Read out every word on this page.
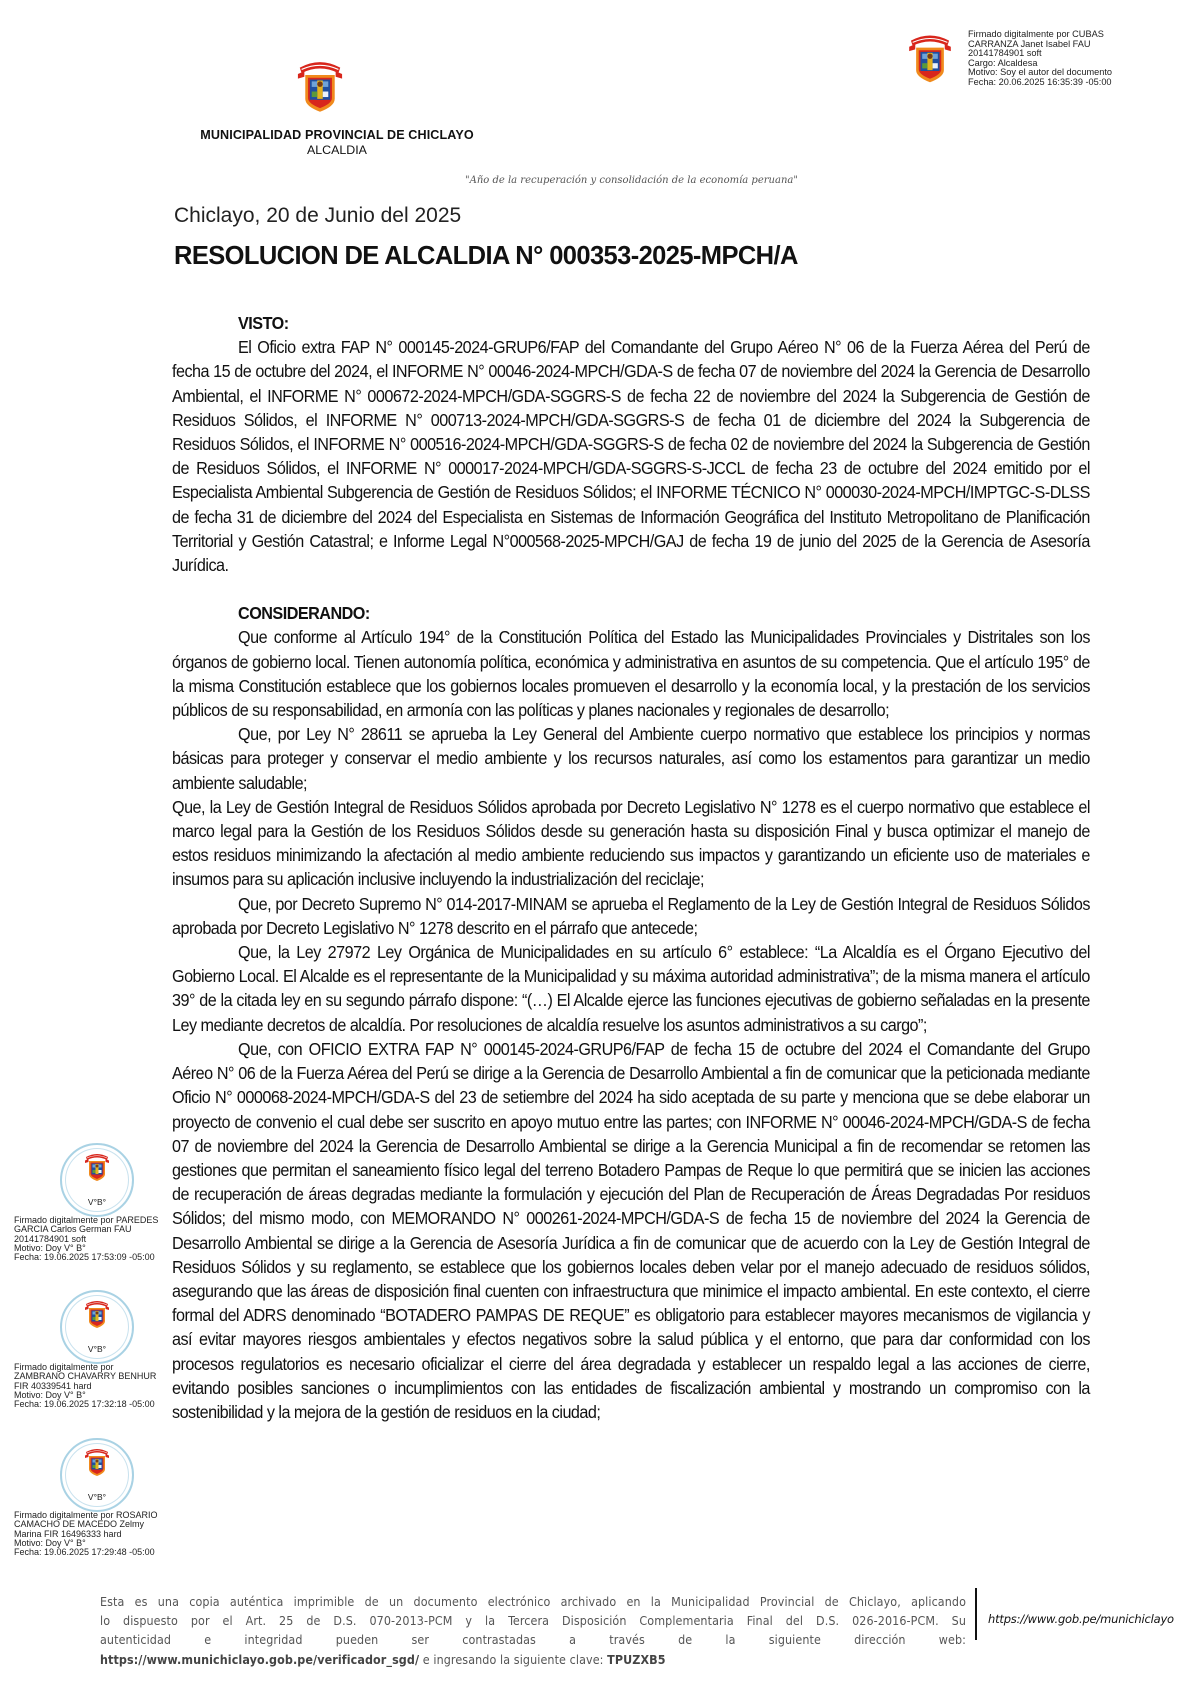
Firmado digitalmente por CUBAS
CARRANZA Janet Isabel FAU
20141784901 soft
Cargo: Alcaldesa
Motivo: Soy el autor del documento
Fecha: 20.06.2025 16:35:39 -05:00
MUNICIPALIDAD PROVINCIAL DE CHICLAYO
ALCALDIA
"Año de la recuperación y consolidación de la economía peruana"
Chiclayo, 20 de Junio del 2025
RESOLUCION DE ALCALDIA N° 000353-2025-MPCH/A

VISTO:

El Oficio extra FAP N° 000145-2024-GRUP6/FAP del Comandante del Grupo Aéreo N° 06 de la Fuerza Aérea del Perú de fecha 15 de octubre del 2024, el INFORME N° 00046-2024-MPCH/GDA-S de fecha 07 de noviembre del 2024 la Gerencia de Desarrollo Ambiental, el INFORME N° 000672-2024-MPCH/GDA-SGGRS-S de fecha 22 de noviembre del 2024 la Subgerencia de Gestión de Residuos Sólidos, el INFORME N° 000713-2024-MPCH/GDA-SGGRS-S de fecha 01 de diciembre del 2024 la Subgerencia de Residuos Sólidos, el INFORME N° 000516-2024-MPCH/GDA-SGGRS-S de fecha 02 de noviembre del 2024 la Subgerencia de Gestión de Residuos Sólidos, el INFORME N° 000017-2024-MPCH/GDA-SGGRS-S-JCCL de fecha 23 de octubre del 2024 emitido por el Especialista Ambiental Subgerencia de Gestión de Residuos Sólidos; el INFORME TÉCNICO N° 000030-2024-MPCH/IMPTGC-S-DLSS de fecha 31 de diciembre del 2024 del Especialista en Sistemas de Información Geográfica del Instituto Metropolitano de Planificación Territorial y Gestión Catastral; e Informe Legal N°000568-2025-MPCH/GAJ de fecha 19 de junio del 2025 de la Gerencia de Asesoría Jurídica.

CONSIDERANDO:

Que conforme al Artículo 194° de la Constitución Política del Estado las Municipalidades Provinciales y Distritales son los órganos de gobierno local. Tienen autonomía política, económica y administrativa en asuntos de su competencia. Que el artículo 195° de la misma Constitución establece que los gobiernos locales promueven el desarrollo y la economía local, y la prestación de los servicios públicos de su responsabilidad, en armonía con las políticas y planes nacionales y regionales de desarrollo;

Que, por Ley N° 28611 se aprueba la Ley General del Ambiente cuerpo normativo que establece los principios y normas básicas para proteger y conservar el medio ambiente y los recursos naturales, así como los estamentos para garantizar un medio ambiente saludable;

Que, la Ley de Gestión Integral de Residuos Sólidos aprobada por Decreto Legislativo N° 1278 es el cuerpo normativo que establece el marco legal para la Gestión de los Residuos Sólidos desde su generación hasta su disposición Final y busca optimizar el manejo de estos residuos minimizando la afectación al medio ambiente reduciendo sus impactos y garantizando un eficiente uso de materiales e insumos para su aplicación inclusive incluyendo la industrialización del reciclaje;

Que, por Decreto Supremo N° 014-2017-MINAM se aprueba el Reglamento de la Ley de Gestión Integral de Residuos Sólidos aprobada por Decreto Legislativo N° 1278 descrito en el párrafo que antecede;

Que, la Ley 27972 Ley Orgánica de Municipalidades en su artículo 6° establece: “La Alcaldía es el Órgano Ejecutivo del Gobierno Local. El Alcalde es el representante de la Municipalidad y su máxima autoridad administrativa”; de la misma manera el artículo 39° de la citada ley en su segundo párrafo dispone: “(…) El Alcalde ejerce las funciones ejecutivas de gobierno señaladas en la presente Ley mediante decretos de alcaldía. Por resoluciones de alcaldía resuelve los asuntos administrativos a su cargo”;

Que, con OFICIO EXTRA FAP N° 000145-2024-GRUP6/FAP de fecha 15 de octubre del 2024 el Comandante del Grupo Aéreo N° 06 de la Fuerza Aérea del Perú se dirige a la Gerencia de Desarrollo Ambiental a fin de comunicar que la peticionada mediante Oficio N° 000068-2024-MPCH/GDA-S del 23 de setiembre del 2024 ha sido aceptada de su parte y menciona que se debe elaborar un proyecto de convenio el cual debe ser suscrito en apoyo mutuo entre las partes; con INFORME N° 00046-2024-MPCH/GDA-S de fecha 07 de noviembre del 2024 la Gerencia de Desarrollo Ambiental se dirige a la Gerencia Municipal a fin de recomendar se retomen las gestiones que permitan el saneamiento físico legal del terreno Botadero Pampas de Reque lo que permitirá que se inicien las acciones de recuperación de áreas degradas mediante la formulación y ejecución del Plan de Recuperación de Áreas Degradadas Por residuos Sólidos; del mismo modo, con MEMORANDO N° 000261-2024-MPCH/GDA-S de fecha 15 de noviembre del 2024 la Gerencia de Desarrollo Ambiental se dirige a la Gerencia de Asesoría Jurídica a fin de comunicar que de acuerdo con la Ley de Gestión Integral de Residuos Sólidos y su reglamento, se establece que los gobiernos locales deben velar por el manejo adecuado de residuos sólidos, asegurando que las áreas de disposición final cuenten con infraestructura que minimice el impacto ambiental. En este contexto, el cierre formal del ADRS denominado “BOTADERO PAMPAS DE REQUE” es obligatorio para establecer mayores mecanismos de vigilancia y así evitar mayores riesgos ambientales y efectos negativos sobre la salud pública y el entorno, que para dar conformidad con los procesos regulatorios es necesario oficializar el cierre del área degradada y establecer un respaldo legal a las acciones de cierre, evitando posibles sanciones o incumplimientos con las entidades de fiscalización ambiental y mostrando un compromiso con la sostenibilidad y la mejora de la gestión de residuos en la ciudad;

V°B°
Firmado digitalmente por PAREDES
GARCIA Carlos German FAU
20141784901 soft
Motivo: Doy V° B°
Fecha: 19.06.2025 17:53:09 -05:00
V°B°
Firmado digitalmente por
ZAMBRANO CHAVARRY BENHUR
FIR 40339541 hard
Motivo: Doy V° B°
Fecha: 19.06.2025 17:32:18 -05:00
V°B°
Firmado digitalmente por ROSARIO
CAMACHO DE MACEDO Zelmy
Marina FIR 16496333 hard
Motivo: Doy V° B°
Fecha: 19.06.2025 17:29:48 -05:00
Esta es una copia auténtica imprimible de un documento electrónico archivado en la Municipalidad Provincial de Chiclayo, aplicando
lo dispuesto por el Art. 25 de D.S. 070-2013-PCM y la Tercera Disposición Complementaria Final del D.S. 026-2016-PCM. Su
autenticidad e integridad pueden ser contrastadas a través de la siguiente dirección web:
https://www.munichiclayo.gob.pe/verificador_sgd/ e ingresando la siguiente clave: TPUZXB5
https://www.gob.pe/munichiclayo
